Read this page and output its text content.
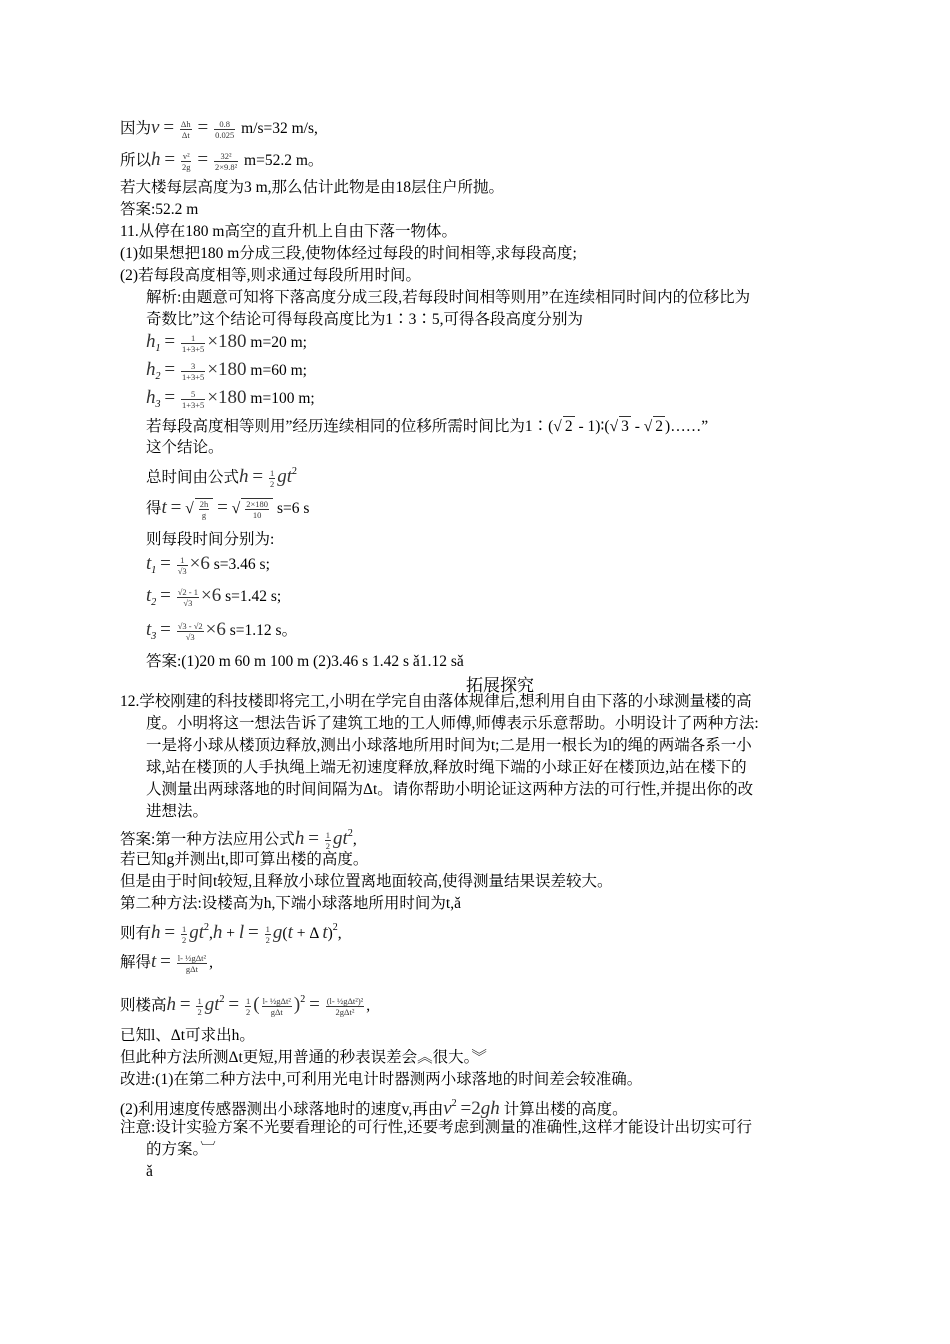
因为$v = \frac{\Delta h}{\Delta t} = \frac{0.8}{0.025} m/s=32$ m/s,
所以$h = \frac{\text{v²}}{2g} = \frac{\text{32²}}{\text{2×9.8²}} m=52.2$ m。
若大楼每层高度为3 m,那么估计此物是由18层住户所抛。
答案:52.2 m
11.从停在180 m高空的直升机上自由下落一物体。
(1)如果想把180 m分成三段,使物体经过每段的时间相等,求每段高度;
(2)若每段高度相等,则求通过每段所用时间。
解析:由题意可知将下落高度分成三段,若每段时间相等则用”在连续相同时间内的位移比为
奇数比”这个结论可得每段高度比为1∶3∶5,可得各段高度分别为
$h_1 = \frac{1}{1+3+5} \times 180$ m=20 m;
$h_2 = \frac{3}{1+3+5} \times 180$ m=60 m;
$h_3 = \frac{5}{1+3+5} \times 180$ m=100 m;
若每段高度相等则用”经历连续相同的位移所需时间比为1∶(√ 2 - 1)∶(√ 3 - √ 2 )……”
这个结论。
总时间由公式$h = \frac{1}{2} gt^2$
得t = √ $\frac{2h}{g}$ = √ $\frac{2\times 180}{10} s=6$ s
则每段时间分别为:
$t_1 = \frac{1}{√3} \times 6$ s=3.46 s;
$t_2 = \frac{√2 - 1}{√3} \times 6$ s=1.42 s;
$t_3 = \frac{√3 - √2}{√3} \times 6$ s=1.12 s。
答案:(1)20 m 60 m 100 m (2)3.46 s 1.42 s ǎ1.12 sǎ
拓展探究
12.学校刚建的科技楼即将完工,小明在学完自由落体规律后,想利用自由下落的小球测量楼的高
度。小明将这一想法告诉了建筑工地的工人师傅,师傅表示乐意帮助。小明设计了两种方法:
一是将小球从楼顶边释放,测出小球落地所用时间为t;二是用一根长为l的绳的两端各系一小
球,站在楼顶的人手执绳上端无初速度释放,释放时绳下端的小球正好在楼顶边,站在楼下的
人测量出两球落地的时间间隔为Δt。请你帮助小明论证这两种方法的可行性,并提出你的改
进想法。
答案:第一种方法应用公式$h = \frac{1}{2} gt^2$,
若已知g并测出t,即可算出楼的高度。
但是由于时间t较短,且释放小球位置离地面较高,使得测量结果误差较大。
第二种方法:设楼高为h,下端小球落地所用时间为t,ǎ
则有$h = \frac{1}{2} gt^2,h + l = \frac{1}{2} g(t + \Delta$ t)$^2$,
解得t = l- ½gΔt²
gΔt ,
则楼高$h = \frac{1}{2} gt^2 = \frac{1}{2}$ ( l- ½gΔt²
gΔt )$^2$ = (l- ½gΔt²)²
2gΔt² ,
已知l、Δt可求出h。
但此种方法所测Δt更短,用普通的秒表误差会︽很大。︾
改进:(1)在第二种方法中,可利用光电计时器测两小球落地的时间差会较准确。
(2)利用速度传感器测出小球落地时的速度v,再由$v^2 =2gh$ 计算出楼的高度。
注意:设计实验方案不光要看理论的可行性,还要考虑到测量的准确性,这样才能设计出切实可行
的方案。︺
ǎ
